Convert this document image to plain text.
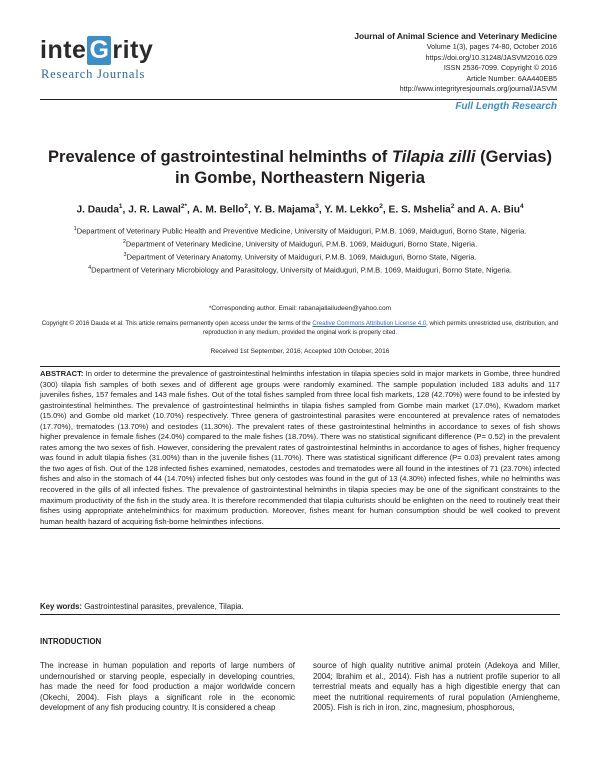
inte G rity
Research Journals
Journal of Animal Science and Veterinary Medicine
Volume 1(3), pages 74-80, October 2016
https://doi.org/10.31248/JASVM2016.029
ISSN 2536-7099. Copyright © 2016
Article Number: 6AA440EB5
http://www.integrityresjournals.org/journal/JASVM
Full Length Research
Prevalence of gastrointestinal helminths of Tilapia zilli (Gervias) in Gombe, Northeastern Nigeria
J. Dauda$^1$, J. R. Lawal$^{2*}$, A. M. Bello$^2$, Y. B. Majama$^3$, Y. M. Lekko$^2$, E. S. Mshelia$^2$ and A. A. Biu$^4$
$^1$Department of Veterinary Public Health and Preventive Medicine, University of Maiduguri, P.M.B. 1069, Maiduguri, Borno State, Nigeria.
$^2$Department of Veterinary Medicine, University of Maiduguri, P.M.B. 1069, Maiduguri, Borno State, Nigeria.
$^3$Department of Veterinary Anatomy, University of Maiduguri, P.M.B. 1069, Maiduguri, Borno State, Nigeria.
$^4$Department of Veterinary Microbiology and Parasitology, University of Maiduguri, P.M.B. 1069, Maiduguri, Borno State, Nigeria.
*Corresponding author. Email: rabanajallailudeen@yahoo.com
Copyright © 2016 Dauda et al. This article remains permanently open access under the terms of the Creative Commons Attribution License 4.0, which permits unrestricted use, distribution, and reproduction in any medium, provided the original work is properly cited.
Received 1st September, 2016; Accepted 10th October, 2016
ABSTRACT: In order to determine the prevalence of gastrointestinal helminths infestation in tilapia species sold in major markets in Gombe, three hundred (300) tilapia fish samples of both sexes and of different age groups were randomly examined. The sample population included 183 adults and 117 juveniles fishes, 157 females and 143 male fishes. Out of the total fishes sampled from three local fish markets, 128 (42.70%) were found to be infested by gastrointestinal helminthes. The prevalence of gastrointestinal helminths in tilapia fishes sampled from Gombe main market (17.0%), Kwadom market (15.0%) and Gombe old market (10.70%) respectively. Three genera of gastrointestinal parasites were encountered at prevalence rates of nematodes (17.70%), trematodes (13.70%) and cestodes (11.30%). The prevalent rates of these gastrointestinal helminths in accordance to sexes of fish shows higher prevalence in female fishes (24.0%) compared to the male fishes (18.70%). There was no statistical significant difference (P= 0.52) in the prevalent rates among the two sexes of fish. However, considering the prevalent rates of gastrointestinal helminths in accordance to ages of fishes, higher frequency was found in adult tilapia fishes (31.00%) than in the juvenile fishes (11.70%). There was statistical significant difference (P= 0.03) prevalent rates among the two ages of fish. Out of the 128 infected fishes examined, nematodes, cestodes and trematodes were all found in the intestines of 71 (23.70%) infected fishes and also in the stomach of 44 (14.70%) infected fishes but only cestodes was found in the gut of 13 (4.30%) infected fishes, while no helminths was recovered in the gills of all infected fishes. The prevalence of gastrointestinal helminths in tilapia species may be one of the significant constraints to the maximum productivity of the fish in the study area. It is therefore recommended that tilapia culturists should be enlighten on the need to routinely treat their fishes using appropriate antehelminthics for maximum production. Moreover, fishes meant for human consumption should be well cooked to prevent human health hazard of acquiring fish-borne helminthes infections.
Key words: Gastrointestinal parasites, prevalence, Tilapia.
INTRODUCTION
The increase in human population and reports of large numbers of undernourished or starving people, especially in developing countries, has made the need for food production a major worldwide concern (Okechi, 2004). Fish plays a significant role in the economic development of any fish producing country. It is considered a cheap
source of high quality nutritive animal protein (Adekoya and Miller, 2004; Ibrahim et al., 2014). Fish has a nutrient profile superior to all terrestrial meats and equally has a high digestible energy that can meet the nutritional requirements of rural population (Amiengheme, 2005). Fish is rich in iron, zinc, magnesium, phosphorous,
